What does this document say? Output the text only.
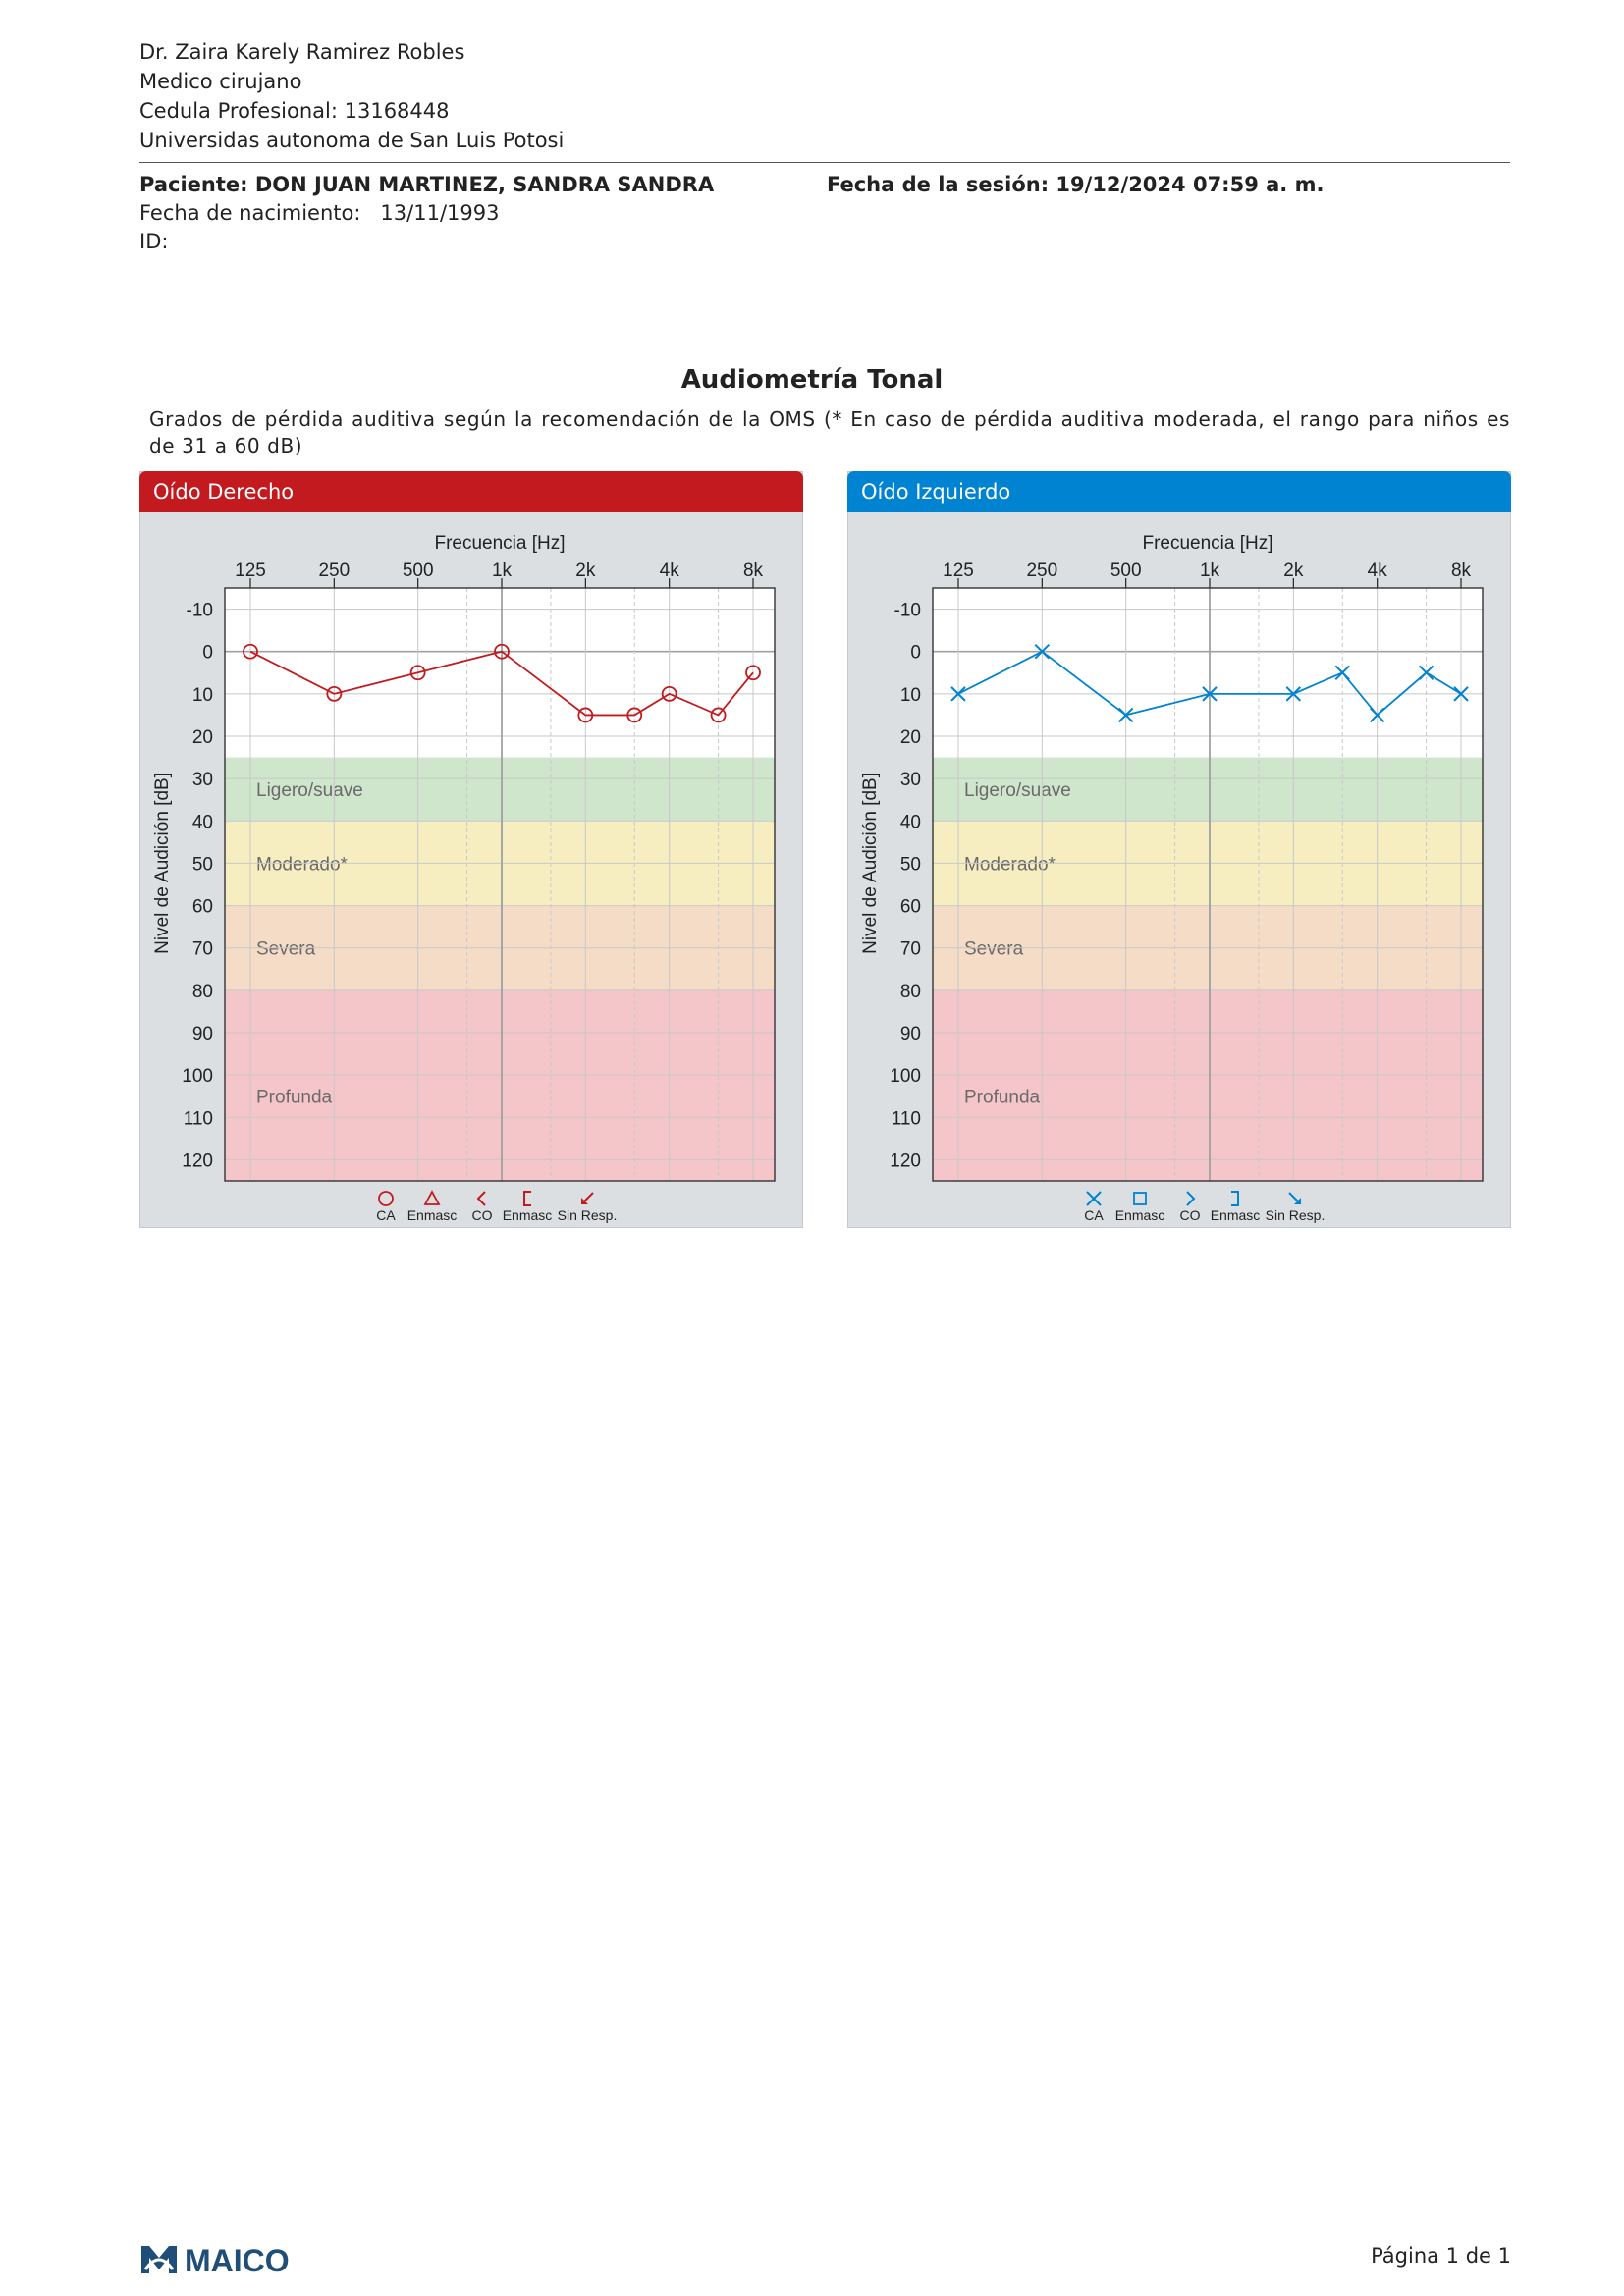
Dr. Zaira Karely Ramirez Robles
Medico cirujano
Cedula Profesional: 13168448
Universidas autonoma de San Luis Potosi
Paciente: DON JUAN MARTINEZ, SANDRA SANDRA
Fecha de nacimiento: 13/11/1993
ID:
Fecha de la sesión: 19/12/2024 07:59 a. m.
Audiometría Tonal
Grados de pérdida auditiva según la recomendación de la OMS (* En caso de pérdida auditiva moderada, el rango para niños es de 31 a 60 dB)
Oído Derecho
Ligero/suave
Moderado*
Severa
Profunda
-10
0
10
20
30
40
50
60
70
80
90
100
110
120
125	250	500	1k	2k	4k	8k
Frecuencia [Hz]
Nivel de Audición [dB]
CA Enmasc CO Enmasc Sin Resp.
Oído Izquierdo
Ligero/suave
Moderado*
Severa
Profunda
-10
0
10
20
30
40
50
60
70
80
90
100
110
120
125	250	500	1k	2k	4k	8k
Frecuencia [Hz]
Nivel de Audición [dB]
CA Enmasc CO Enmasc Sin Resp.
MAICO	Página 1 de 1
